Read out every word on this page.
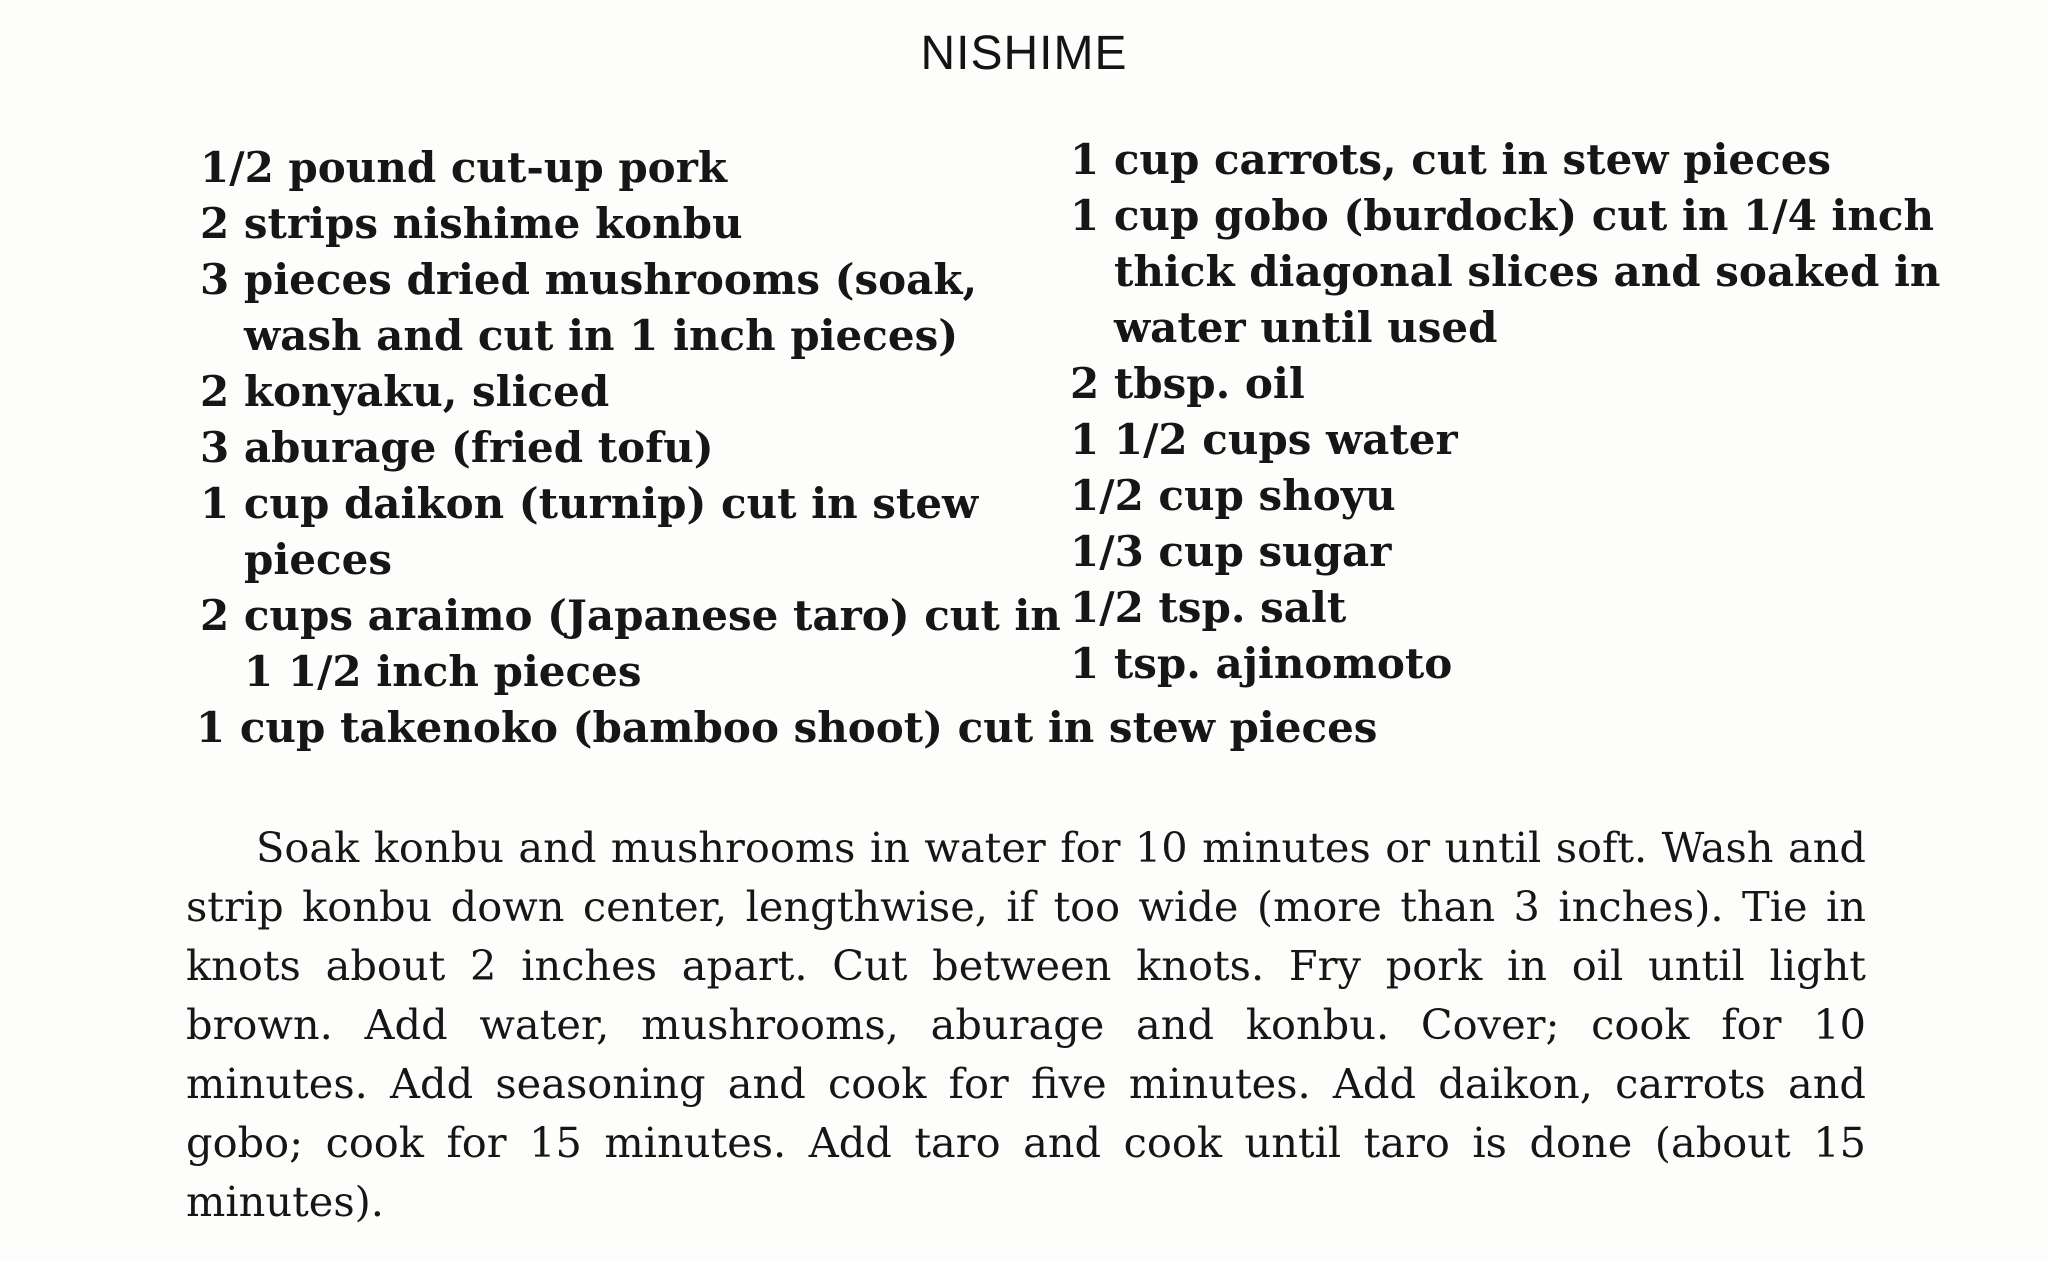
NISHIME
1/2 pound cut-up pork
2 strips nishime konbu
3 pieces dried mushrooms (soak, wash and cut in 1 inch pieces)
2 konyaku, sliced
3 aburage (fried tofu)
1 cup daikon (turnip) cut in stew pieces
2 cups araimo (Japanese taro) cut in 1 1/2 inch pieces
1 cup carrots, cut in stew pieces
1 cup gobo (burdock) cut in 1/4 inch thick diagonal slices and soaked in water until used
2 tbsp. oil
1 1/2 cups water
1/2 cup shoyu
1/3 cup sugar
1/2 tsp. salt
1 tsp. ajinomoto
1 cup takenoko (bamboo shoot) cut in stew pieces

Soak konbu and mushrooms in water for 10 minutes or until soft. Wash and strip konbu down center, lengthwise, if too wide (more than 3 inches). Tie in knots about 2 inches apart. Cut between knots. Fry pork in oil until light brown. Add water, mushrooms, aburage and konbu. Cover; cook for 10 minutes. Add seasoning and cook for five minutes. Add daikon, carrots and gobo; cook for 15 minutes. Add taro and cook until taro is done (about 15 minutes).
